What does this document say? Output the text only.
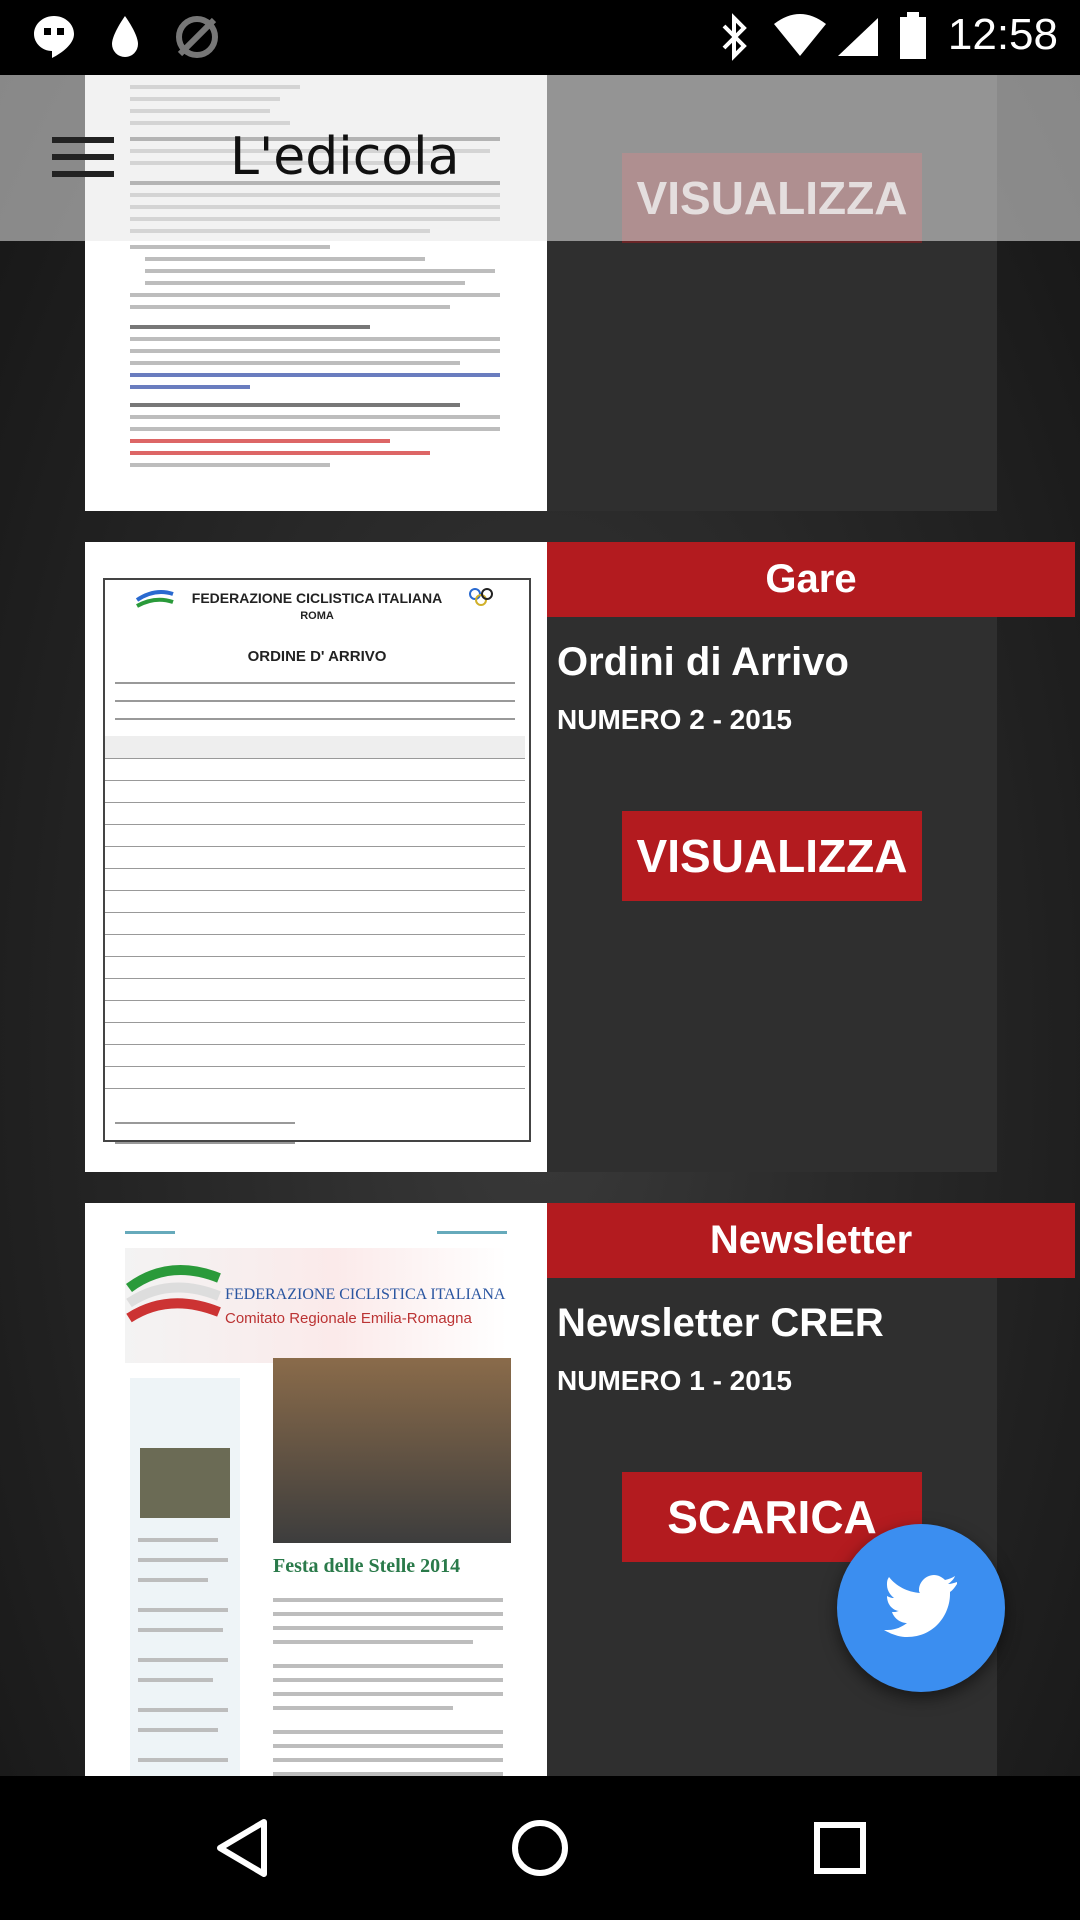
12:58
FEDERAZIONE CICLISTICA ITALIANA
ROMA
ORDINE D' ARRIVO
Gare
Ordini di Arrivo
NUMERO 2 - 2015
VISUALIZZA
FEDERAZIONE CICLISTICA ITALIANA
Comitato Regionale Emilia-Romagna
Festa delle Stelle 2014
Newsletter
Newsletter CRER
NUMERO 1 - 2015
SCARICA
L'edicola
